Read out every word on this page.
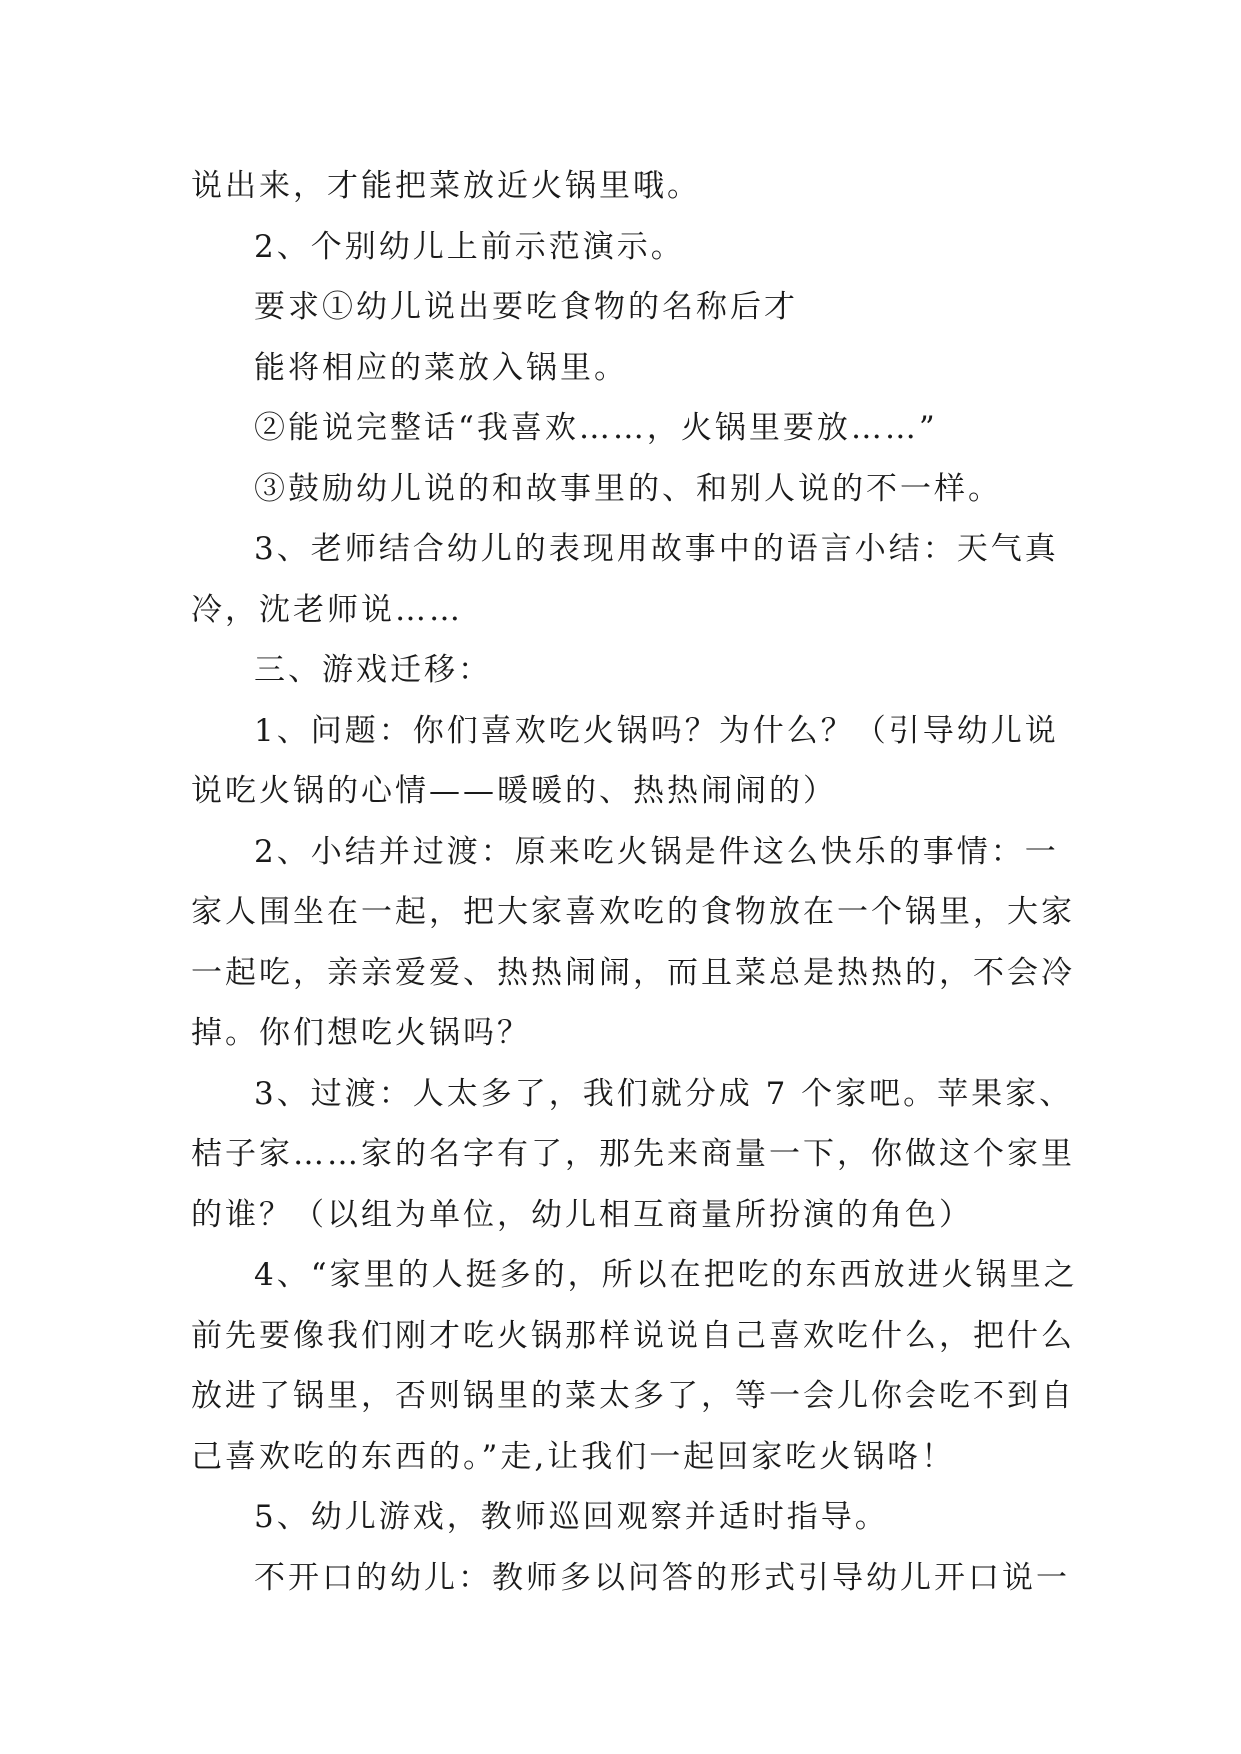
说出来，才能把菜放近火锅里哦。
2、个别幼儿上前示范演示。
要求①幼儿说出要吃食物的名称后才
能将相应的菜放入锅里。
②能说完整话“我喜欢……，火锅里要放……”
③鼓励幼儿说的和故事里的、和别人说的不一样。
3、老师结合幼儿的表现用故事中的语言小结：天气真
冷，沈老师说……
三、游戏迁移：
1、问题：你们喜欢吃火锅吗？为什么？（引导幼儿说
说吃火锅的心情——暖暖的、热热闹闹的）
2、小结并过渡：原来吃火锅是件这么快乐的事情：一
家人围坐在一起，把大家喜欢吃的食物放在一个锅里，大家
一起吃，亲亲爱爱、热热闹闹，而且菜总是热热的，不会冷
掉。你们想吃火锅吗？
3、过渡：人太多了，我们就分成 7 个家吧。苹果家、
桔子家……家的名字有了，那先来商量一下，你做这个家里
的谁？（以组为单位，幼儿相互商量所扮演的角色）
4、“家里的人挺多的，所以在把吃的东西放进火锅里之
前先要像我们刚才吃火锅那样说说自己喜欢吃什么，把什么
放进了锅里，否则锅里的菜太多了，等一会儿你会吃不到自
己喜欢吃的东西的。”走,让我们一起回家吃火锅咯！
5、幼儿游戏，教师巡回观察并适时指导。
不开口的幼儿：教师多以问答的形式引导幼儿开口说一
